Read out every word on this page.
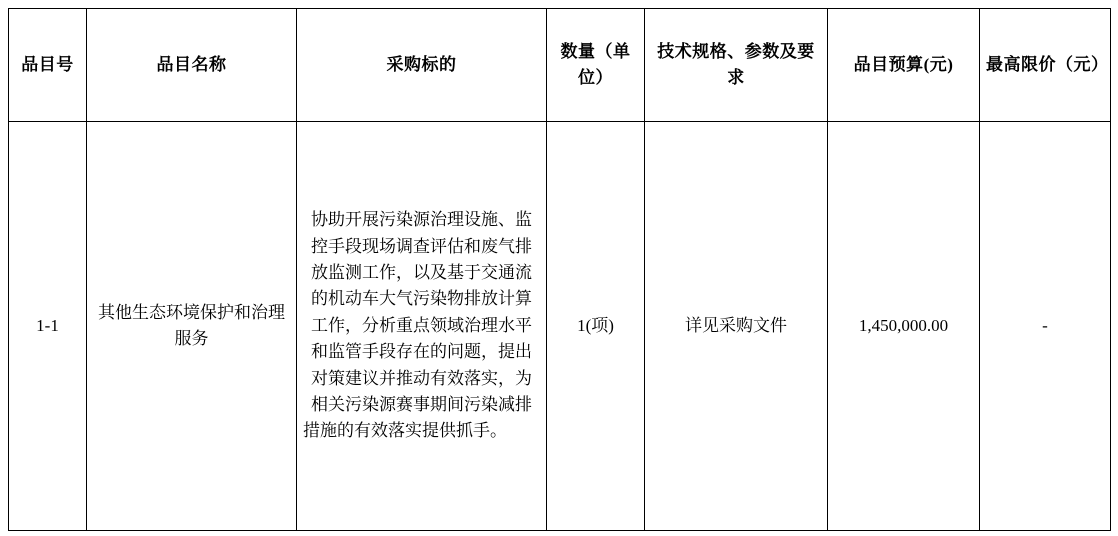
品目号	品目名称	采购标的	数量（单位）	技术规格、参数及要求	品目预算(元)	最高限价（元）
1-1	其他生态环境保护和治理服务	协助开展污染源治理设施、监控手段现场调查评估和废气排放监测工作，以及基于交通流的机动车大气污染物排放计算工作，分析重点领域治理水平和监管手段存在的问题，提出对策建议并推动有效落实，为相关污染源赛事期间污染减排措施的有效落实提供抓手。	1(项)	详见采购文件	1,450,000.00	-
